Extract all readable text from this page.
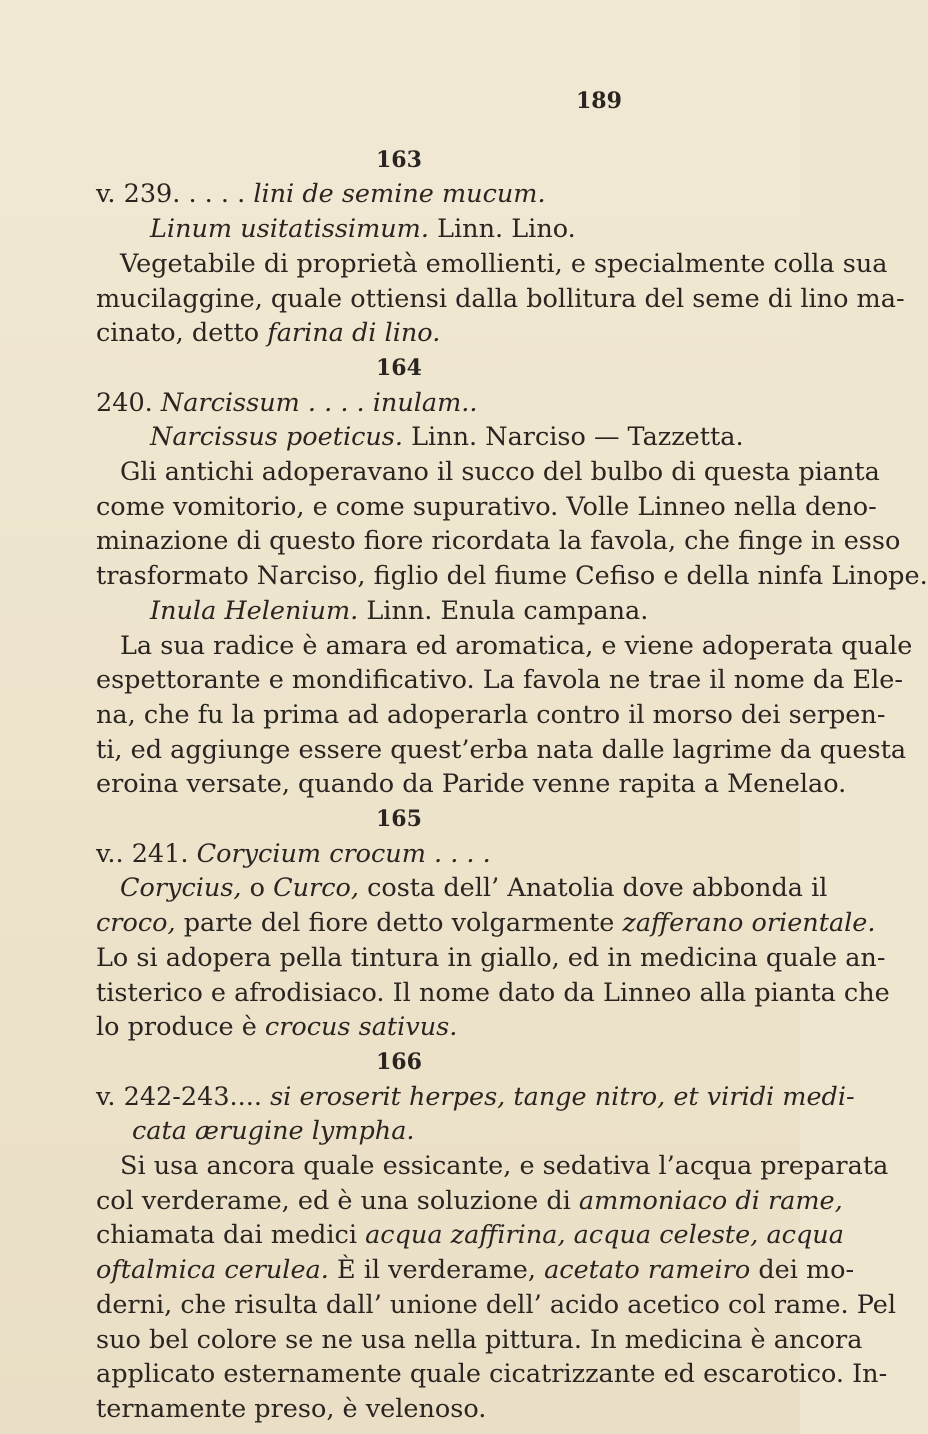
189
163
v. 239. . . . . lini de semine mucum.
Linum usitatissimum. Linn. Lino.
Vegetabile di proprietà emollienti, e specialmente colla sua
mucilaggine, quale ottiensi dalla bollitura del seme di lino ma-
cinato, detto farina di lino.
164
240. Narcissum . . . . inulam..
Narcissus poeticus. Linn. Narciso — Tazzetta.
Gli antichi adoperavano il succo del bulbo di questa pianta
come vomitorio, e come supurativo. Volle Linneo nella deno-
minazione di questo fiore ricordata la favola, che finge in esso
trasformato Narciso, figlio del fiume Cefiso e della ninfa Linope.
Inula Helenium. Linn. Enula campana.
La sua radice è amara ed aromatica, e viene adoperata quale
espettorante e mondificativo. La favola ne trae il nome da Ele-
na, che fu la prima ad adoperarla contro il morso dei serpen-
ti, ed aggiunge essere quest’erba nata dalle lagrime da questa
eroina versate, quando da Paride venne rapita a Menelao.
165
v.. 241. Corycium crocum . . . .
Corycius, o Curco, costa dell’ Anatolia dove abbonda il
croco, parte del fiore detto volgarmente zafferano orientale.
Lo si adopera pella tintura in giallo, ed in medicina quale an-
tisterico e afrodisiaco. Il nome dato da Linneo alla pianta che
lo produce è crocus sativus.
166
v. 242-243.... si eroserit herpes, tange nitro, et viridi medi-
cata ærugine lympha.
Si usa ancora quale essicante, e sedativa l’acqua preparata
col verderame, ed è una soluzione di ammoniaco di rame,
chiamata dai medici acqua zaffirina, acqua celeste, acqua
oftalmica cerulea. È il verderame, acetato rameiro dei mo-
derni, che risulta dall’ unione dell’ acido acetico col rame. Pel
suo bel colore se ne usa nella pittura. In medicina è ancora
applicato esternamente quale cicatrizzante ed escarotico. In-
ternamente preso, è velenoso.
